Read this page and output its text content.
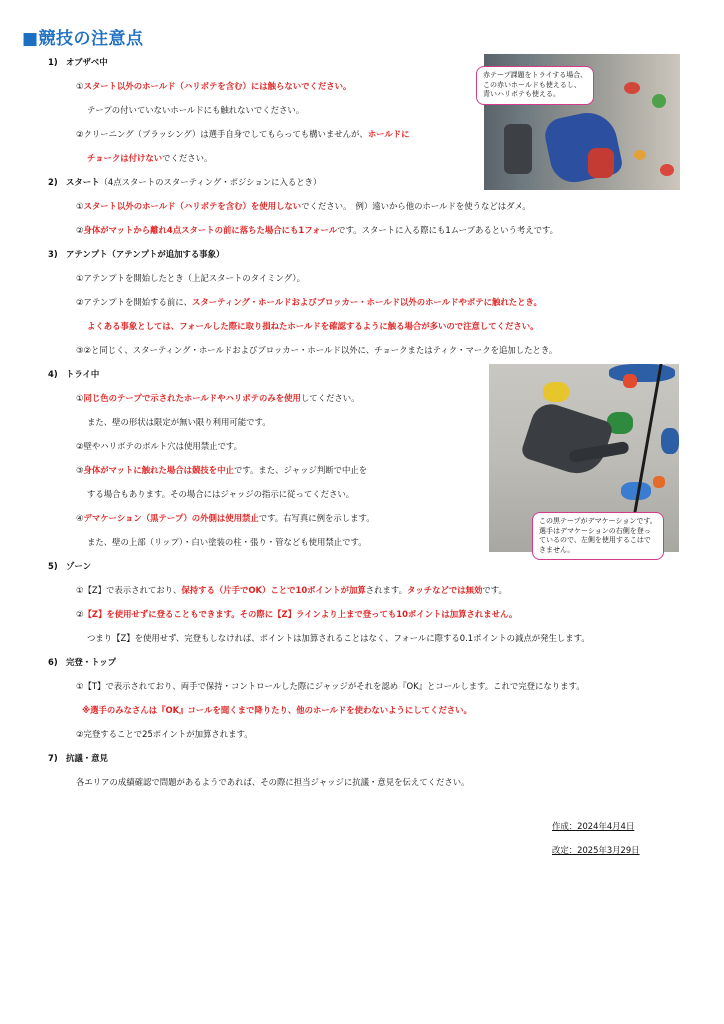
■競技の注意点
赤テープ課題をトライする場合、
この赤いホールドも使えるし、
青いハリボテも使える。
この黒テープがデマケーションです。
選手はデマケーションの右側を登っ
ているので、左側を使用するこはで
きません。
1)　オブザベ中
①スタート以外のホールド（ハリボテを含む）には触らないでください。
テープの付いていないホールドにも触れないでください。
②クリーニング（ブラッシング）は選手自身でしてもらっても構いませんが、ホールドに
チョークは付けないでください。
2)　スタート（4点スタートのスターティング・ポジションに入るとき）
①スタート以外のホールド（ハリボテを含む）を使用しないでください。　例）遠いから他のホールドを使うなどはダメ。
②身体がマットから離れ4点スタートの前に落ちた場合にも1フォールです。スタートに入る際にも1ムーブあるという考えです。
3)　アテンプト（アテンプトが追加する事象）
①アテンプトを開始したとき（上記スタートのタイミング）。
②アテンプトを開始する前に、スターティング・ホールドおよびブロッカー・ホールド以外のホールドやボテに触れたとき。
よくある事象としては、フォールした際に取り損ねたホールドを確認するように触る場合が多いので注意してください。
③②と同じく、スターティング・ホールドおよびブロッカー・ホールド以外に、チョークまたはティク・マークを追加したとき。
4)　トライ中
①同じ色のテープで示されたホールドやハリボテのみを使用してください。
また、壁の形状は限定が無い限り利用可能です。
②壁やハリボテのボルト穴は使用禁止です。
③身体がマットに触れた場合は競技を中止です。また、ジャッジ判断で中止を
する場合もあります。その場合にはジャッジの指示に従ってください。
④デマケーション（黒テープ）の外側は使用禁止です。右写真に例を示します。
また、壁の上部（リップ）・白い塗装の柱・張り・管なども使用禁止です。
5)　ゾーン
①【Z】で表示されており、保持する（片手でOK）ことで10ポイントが加算されます。タッチなどでは無効です。
②【Z】を使用せずに登ることもできます。その際に【Z】ラインより上まで登っても10ポイントは加算されません。
つまり【Z】を使用せず、完登もしなければ、ポイントは加算されることはなく、フォールに際する0.1ポイントの減点が発生します。
6)　完登・トップ
①【T】で表示されており、両手で保持・コントロールした際にジャッジがそれを認め『OK』とコールします。これで完登になります。
※選手のみなさんは『OK』コールを聞くまで降りたり、他のホールドを使わないようにしてください。
②完登することで25ポイントが加算されます。
7)　抗議・意見
各エリアの成績確認で問題があるようであれば、その際に担当ジャッジに抗議・意見を伝えてください。
作成：2024年4月4日
改定：2025年3月29日
